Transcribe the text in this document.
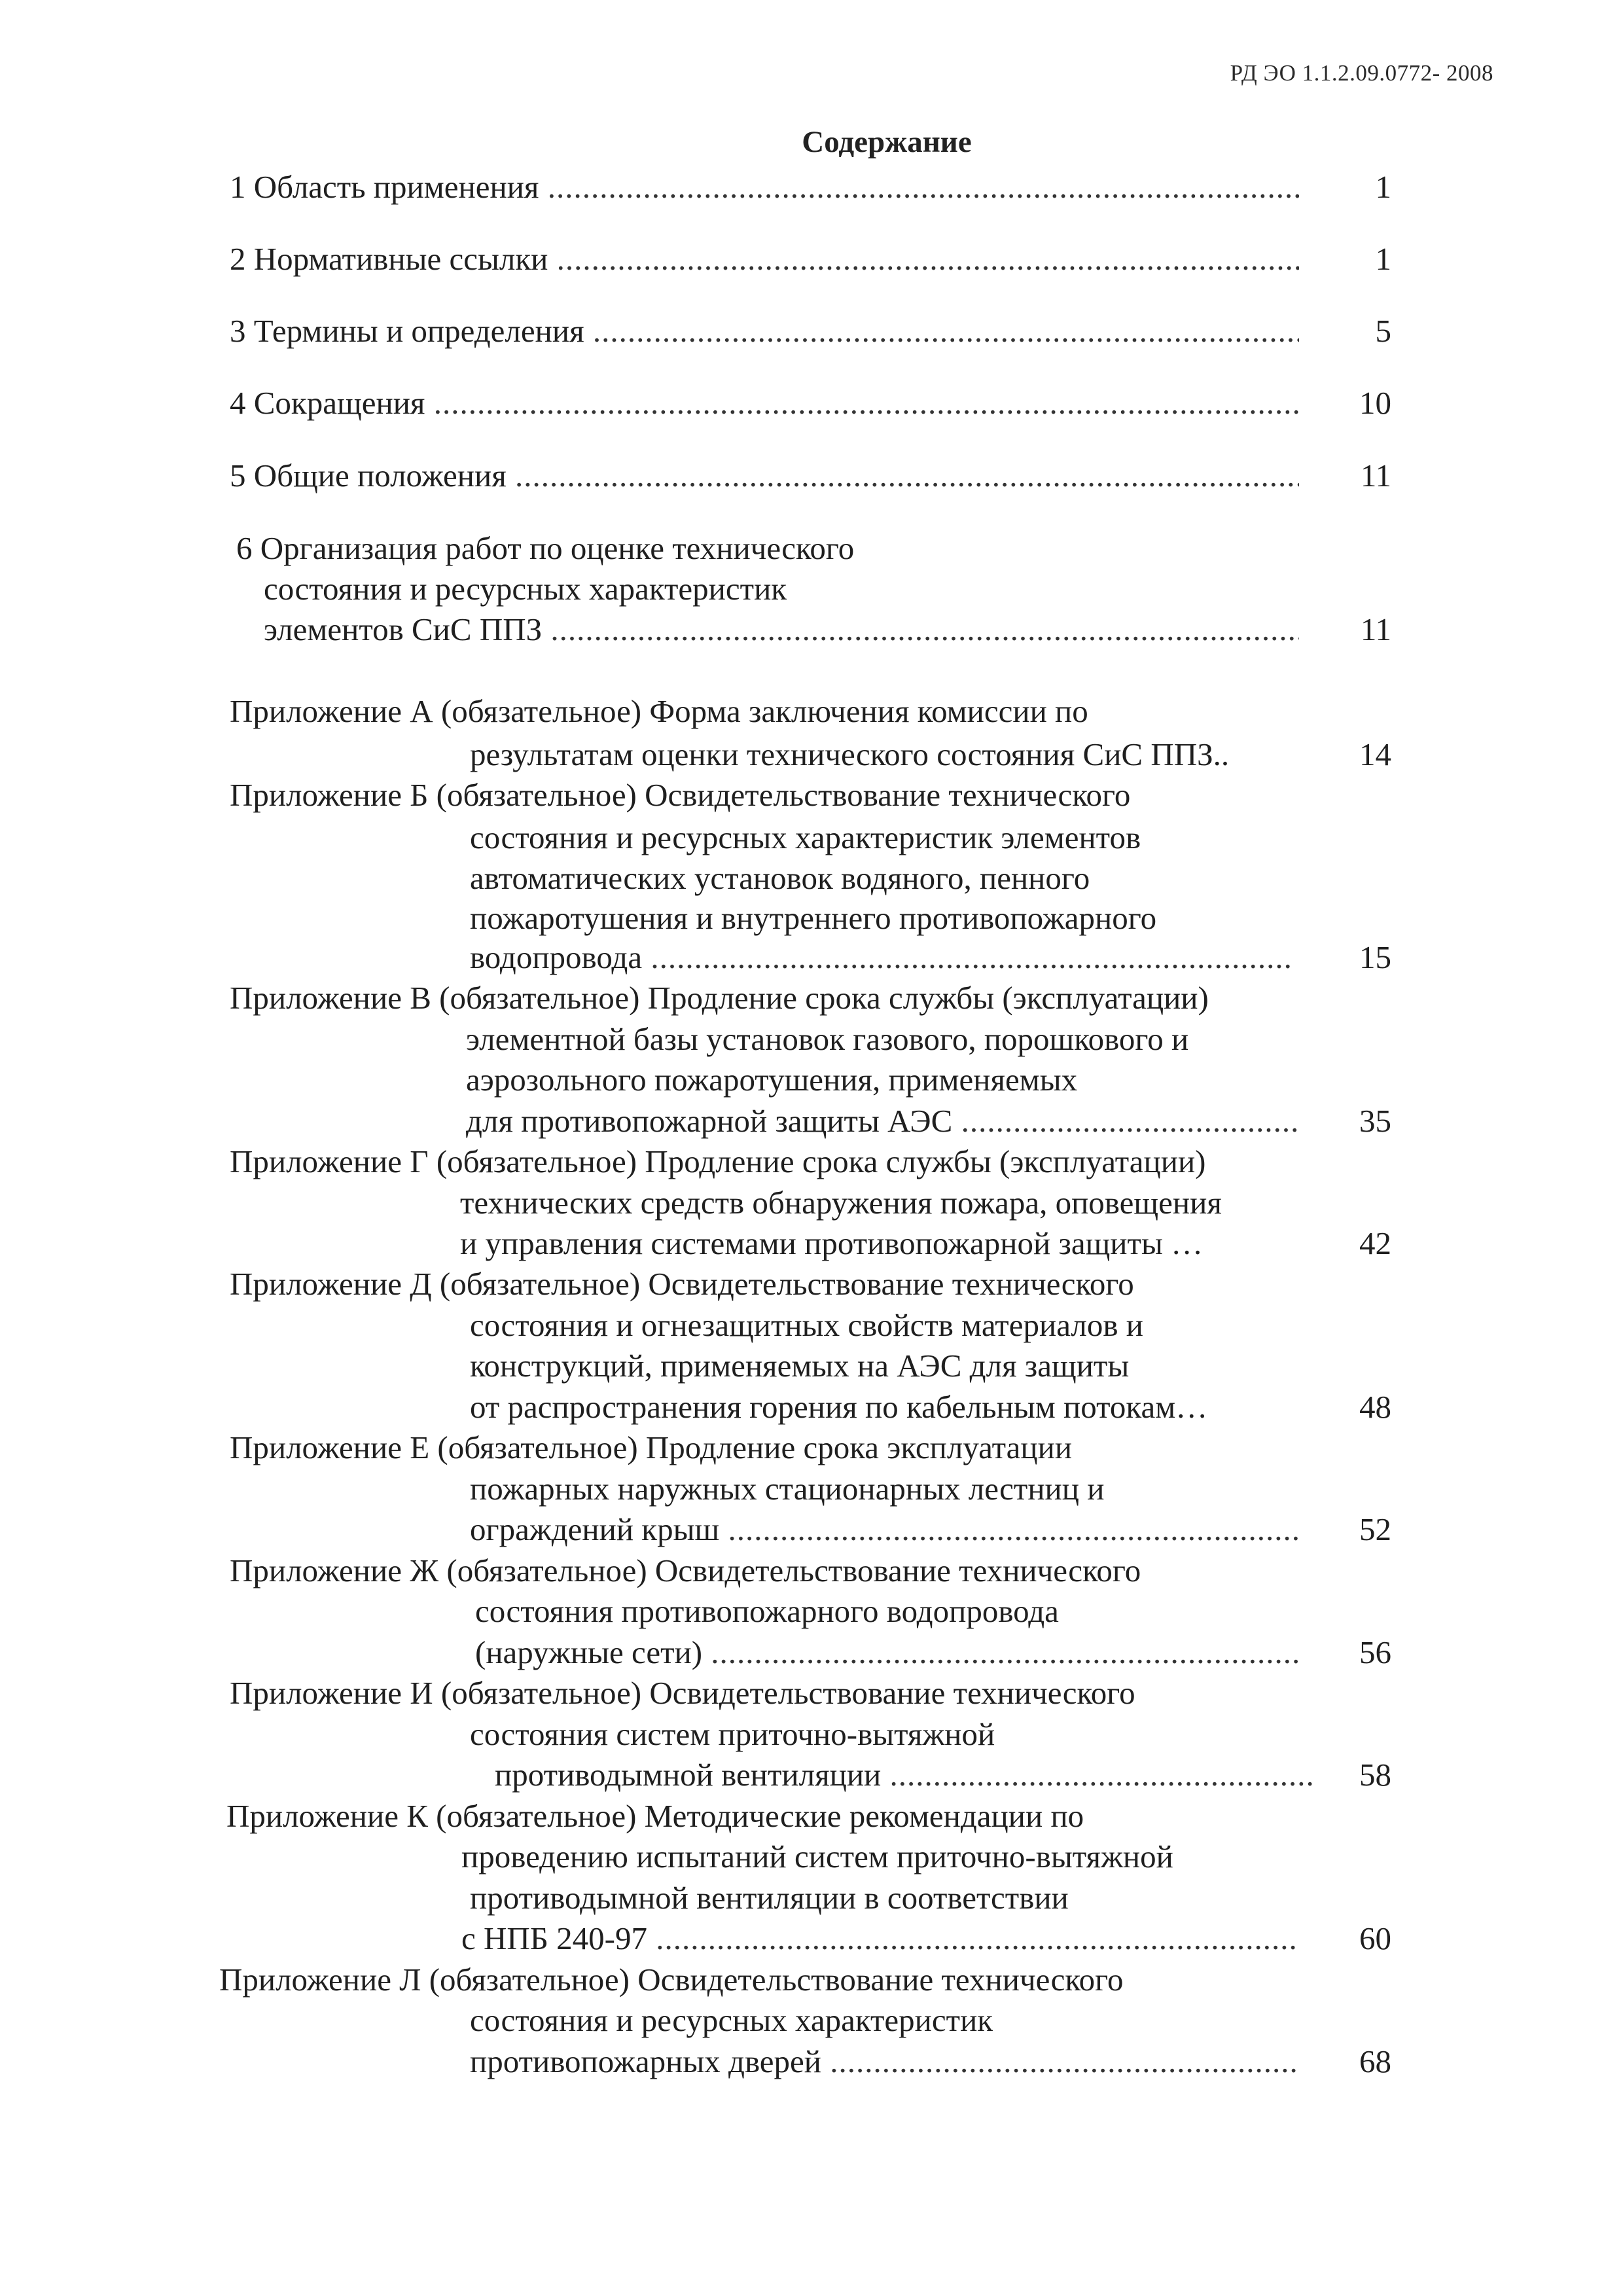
РД ЭО 1.1.2.09.0772- 2008
Содержание
1 Область применения .....	1
2 Нормативные ссылки .....	1
3 Термины и определения .....	5
4 Сокращения .....	10
5 Общие положения .....	11
6 Организация работ по оценке технического
состояния и ресурсных характеристик
элементов СиС ППЗ .....	11
Приложение А (обязательное) Форма заключения комиссии по
результатам оценки технического состояния СиС ППЗ..	14
Приложение Б (обязательное) Освидетельствование технического
состояния и ресурсных характеристик элементов
автоматических установок водяного, пенного
пожаротушения и внутреннего противопожарного
водопровода .....	15
Приложение В (обязательное) Продление срока службы (эксплуатации)
элементной базы установок газового, порошкового и
аэрозольного пожаротушения, применяемых
для противопожарной защиты АЭС .....	35
Приложение Г (обязательное) Продление срока службы (эксплуатации)
технических средств обнаружения пожара, оповещения
и управления системами противопожарной защиты …	42
Приложение Д (обязательное) Освидетельствование технического
состояния и огнезащитных свойств материалов и
конструкций, применяемых на АЭС для защиты
от распространения горения по кабельным потокам…	48
Приложение Е (обязательное) Продление срока эксплуатации
пожарных наружных стационарных лестниц и
ограждений крыш .....	52
Приложение Ж (обязательное) Освидетельствование технического
состояния противопожарного водопровода
(наружные сети) .....	56
Приложение И (обязательное) Освидетельствование технического
состояния систем приточно-вытяжной
противодымной вентиляции .....	58
Приложение К (обязательное) Методические рекомендации по
проведению испытаний систем приточно-вытяжной
противодымной вентиляции в соответствии
с НПБ 240-97 .....	60
Приложение Л (обязательное) Освидетельствование технического
состояния и ресурсных характеристик
противопожарных дверей .....	68
